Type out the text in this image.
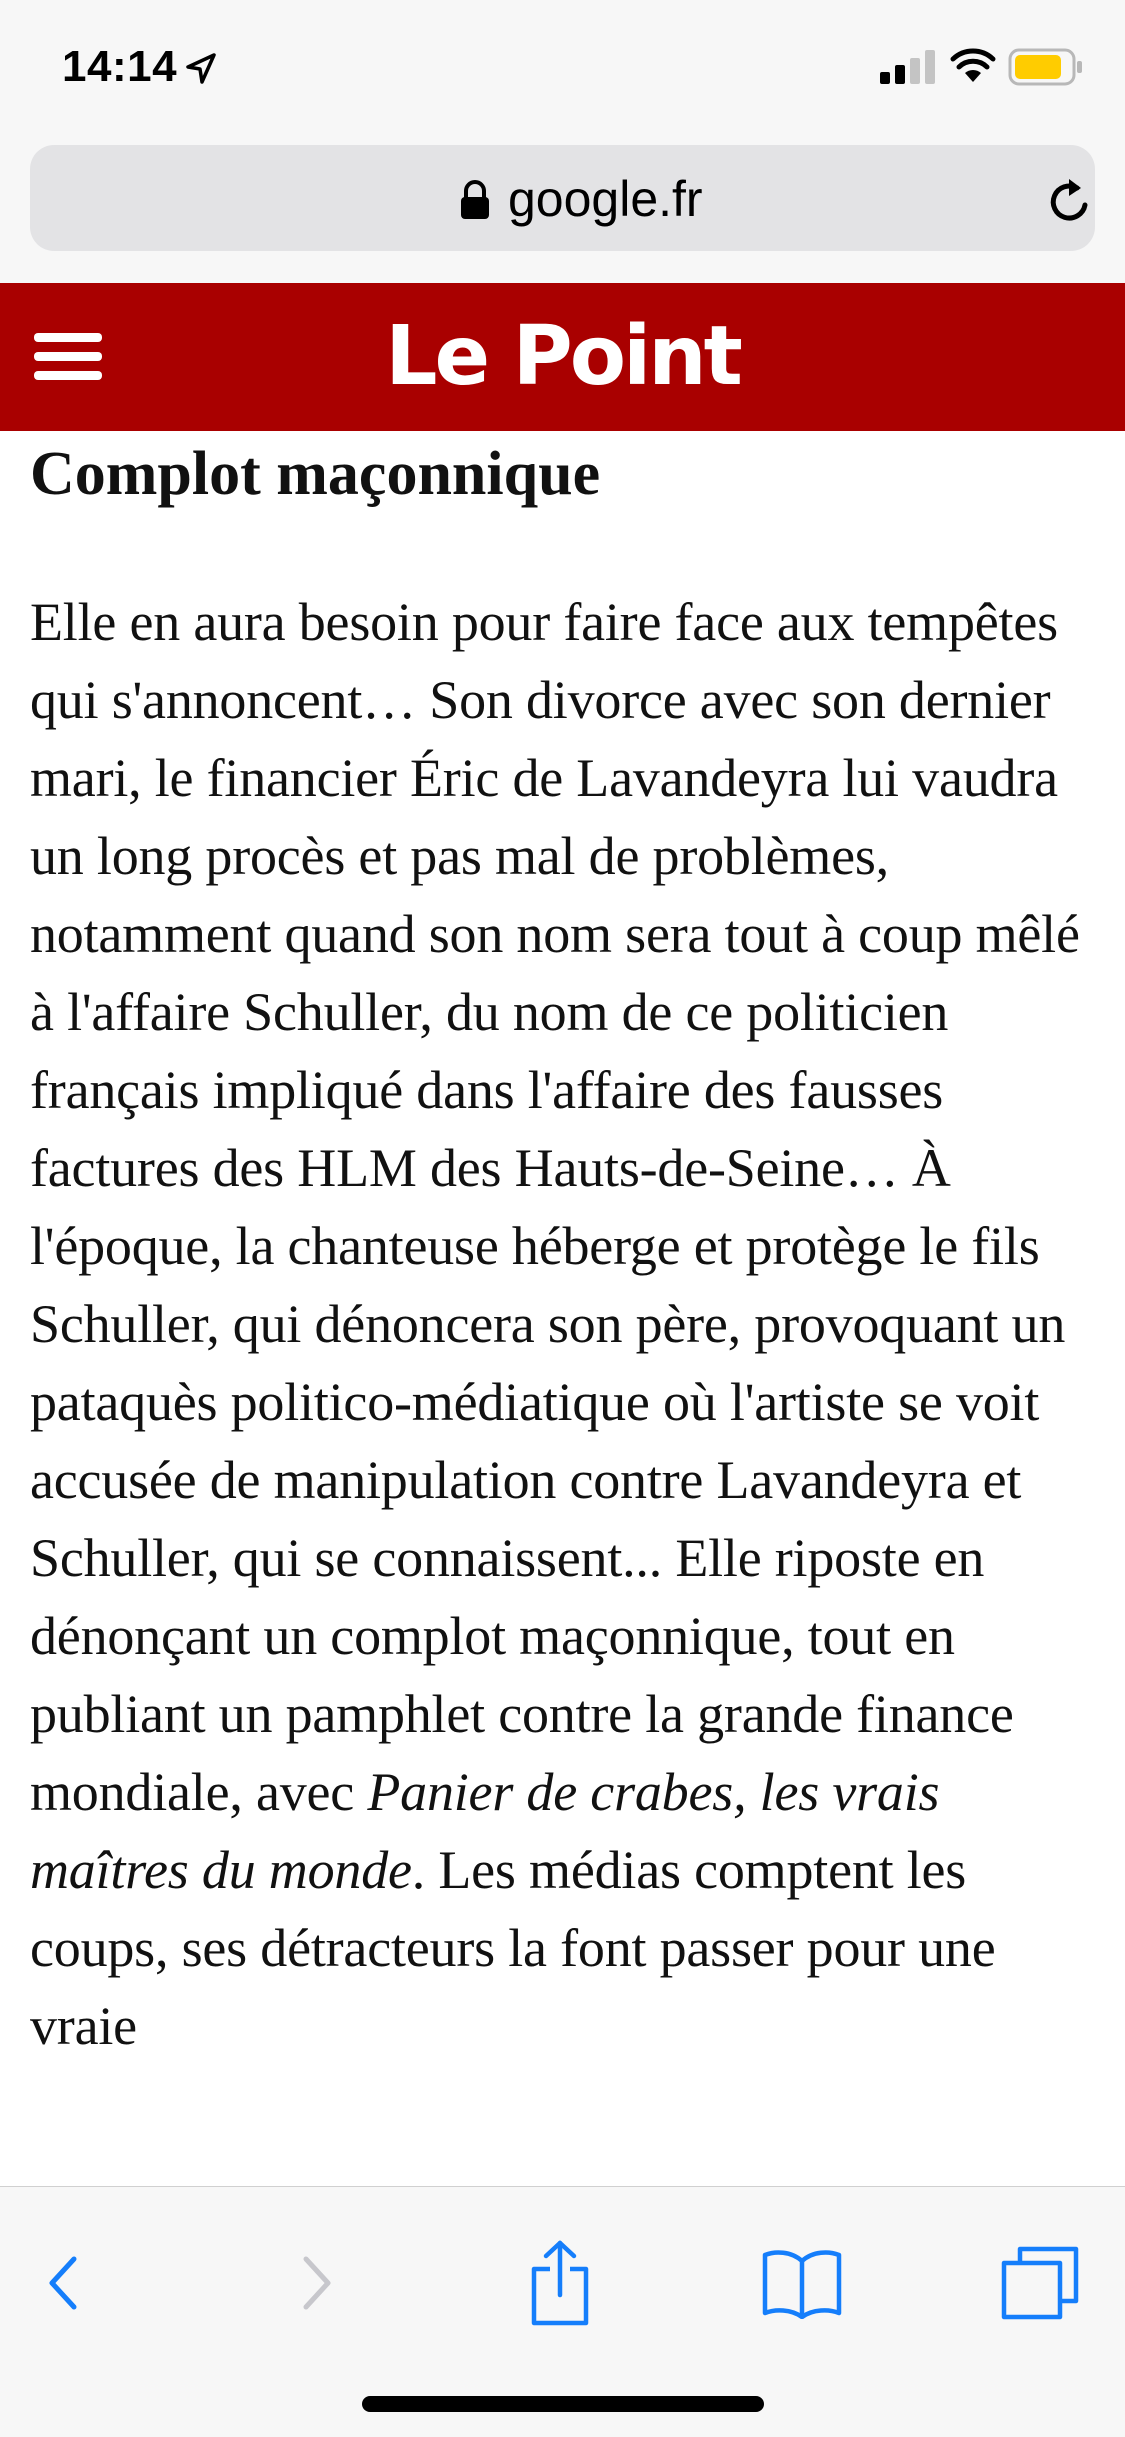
14:14
google.fr
Le Point
Complot maçonnique

Elle en aura besoin pour faire face aux tempêtes qui s'annoncent… Son divorce avec son dernier mari, le financier Éric de Lavandeyra lui vaudra un long procès et pas mal de problèmes, notamment quand son nom sera tout à coup mêlé à l'affaire Schuller, du nom de ce politicien français impliqué dans l'affaire des fausses factures des HLM des Hauts-de-Seine… À l'époque, la chanteuse héberge et protège le fils Schuller, qui dénoncera son père, provoquant un pataquès politico-médiatique où l'artiste se voit accusée de manipulation contre Lavandeyra et Schuller, qui se connaissent... Elle riposte en dénonçant un complot maçonnique, tout en publiant un pamphlet contre la grande finance mondiale, avec Panier de crabes, les vrais maîtres du monde. Les médias comptent les coups, ses détracteurs la font passer pour une vraie
